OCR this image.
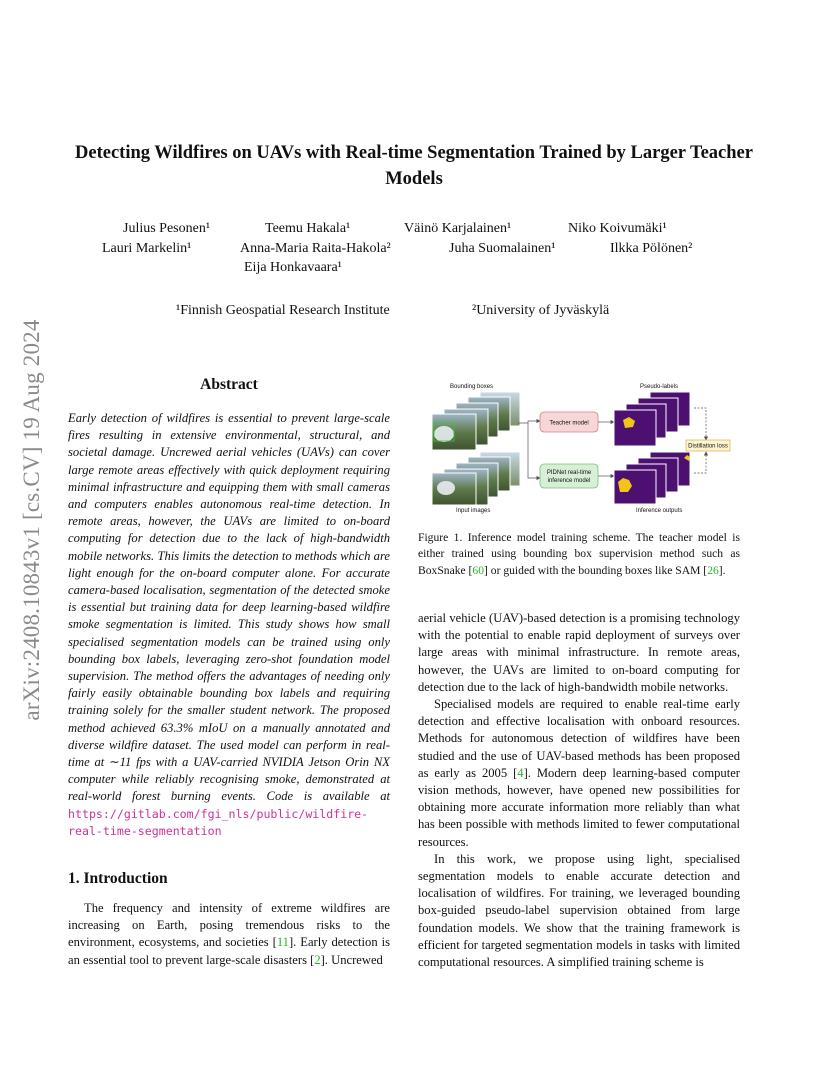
arXiv:2408.10843v1 [cs.CV] 19 Aug 2024
Detecting Wildfires on UAVs with Real-time Segmentation Trained by Larger Teacher Models
Julius Pesonen¹	Teemu Hakala¹	Väinö Karjalainen¹	Niko Koivumäki¹
Lauri Markelin¹	Anna-Maria Raita-Hakola²	Juha Suomalainen¹	Ilkka Pölönen²
Eija Honkavaara¹
¹Finnish Geospatial Research Institute	²University of Jyväskylä
Abstract
Early detection of wildfires is essential to prevent large-scale fires resulting in extensive environmental, structural, and societal damage. Uncrewed aerial vehicles (UAVs) can cover large remote areas effectively with quick deployment requiring minimal infrastructure and equipping them with small cameras and computers enables autonomous real-time detection. In remote areas, however, the UAVs are limited to on-board computing for detection due to the lack of high-bandwidth mobile networks. This limits the detection to methods which are light enough for the on-board computer alone. For accurate camera-based localisation, segmentation of the detected smoke is essential but training data for deep learning-based wildfire smoke segmentation is limited. This study shows how small specialised segmentation models can be trained using only bounding box labels, leveraging zero-shot foundation model supervision. The method offers the advantages of needing only fairly easily obtainable bounding box labels and requiring training solely for the smaller student network. The proposed method achieved 63.3% mIoU on a manually annotated and diverse wildfire dataset. The used model can perform in real-time at ∼11 fps with a UAV-carried NVIDIA Jetson Orin NX computer while reliably recognising smoke, demonstrated at real-world forest burning events. Code is available at https://gitlab.com/fgi_nls/public/wildfire-real-time-segmentation
1. Introduction
The frequency and intensity of extreme wildfires are increasing on Earth, posing tremendous risks to the environment, ecosystems, and societies [11]. Early detection is an essential tool to prevent large-scale disasters [2]. Uncrewed
Bounding boxes	Pseudo-labels
Teacher model
PIDNet real-time
inference model
Distillation loss
Input images	Inference outputs
Figure 1. Inference model training scheme. The teacher model is either trained using bounding box supervision method such as BoxSnake [60] or guided with the bounding boxes like SAM [26].

aerial vehicle (UAV)-based detection is a promising technology with the potential to enable rapid deployment of surveys over large areas with minimal infrastructure. In remote areas, however, the UAVs are limited to on-board computing for detection due to the lack of high-bandwidth mobile networks.

Specialised models are required to enable real-time early detection and effective localisation with onboard resources. Methods for autonomous detection of wildfires have been studied and the use of UAV-based methods has been proposed as early as 2005 [4]. Modern deep learning-based computer vision methods, however, have opened new possibilities for obtaining more accurate information more reliably than what has been possible with methods limited to fewer computational resources.

In this work, we propose using light, specialised segmentation models to enable accurate detection and localisation of wildfires. For training, we leveraged bounding box-guided pseudo-label supervision obtained from large foundation models. We show that the training framework is efficient for targeted segmentation models in tasks with limited computational resources. A simplified training scheme is
